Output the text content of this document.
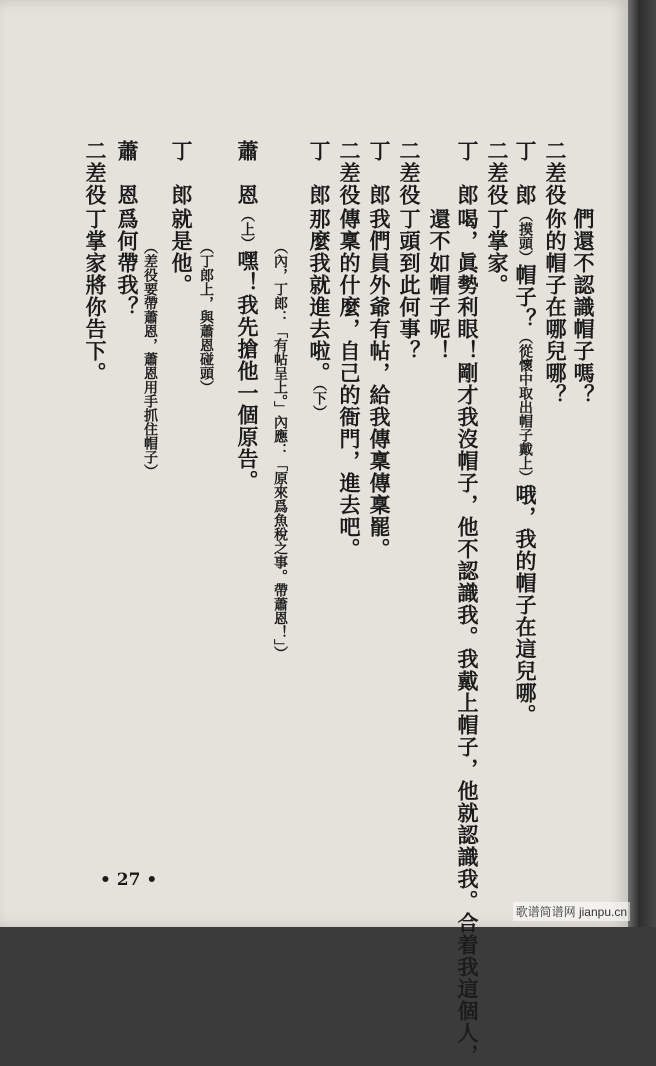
們還不認識帽子嗎？
二差役你的帽子在哪兒哪？
丁　郎（摸頭）帽子？（從懷中取出帽子戴上）哦，我的帽子在這兒哪。
二差役丁掌家。
丁　郎喝，眞勢利眼！剛才我沒帽子，他不認識我。我戴上帽子，他就認識我。合着我這個人，
還不如帽子呢！
二差役丁頭到此何事？
丁　郎我們員外爺有帖，給我傳稟傳稟罷。
二差役傳稟的什麼，自己的衙門，進去吧。
丁　郎那麼我就進去啦。（下）
（內，丁郎：「有帖呈上。」內應：「原來爲魚稅之事。帶蕭恩！」）
蕭　恩（上）嘿！我先搶他一個原告。
（丁郎上，與蕭恩碰頭）
丁　郎就是他。
（差役要帶蕭恩，蕭恩用手抓住帽子）
蕭　恩爲何帶我？
二差役丁掌家將你告下。
• 27 •
歌谱简谱网 jianpu.cn
